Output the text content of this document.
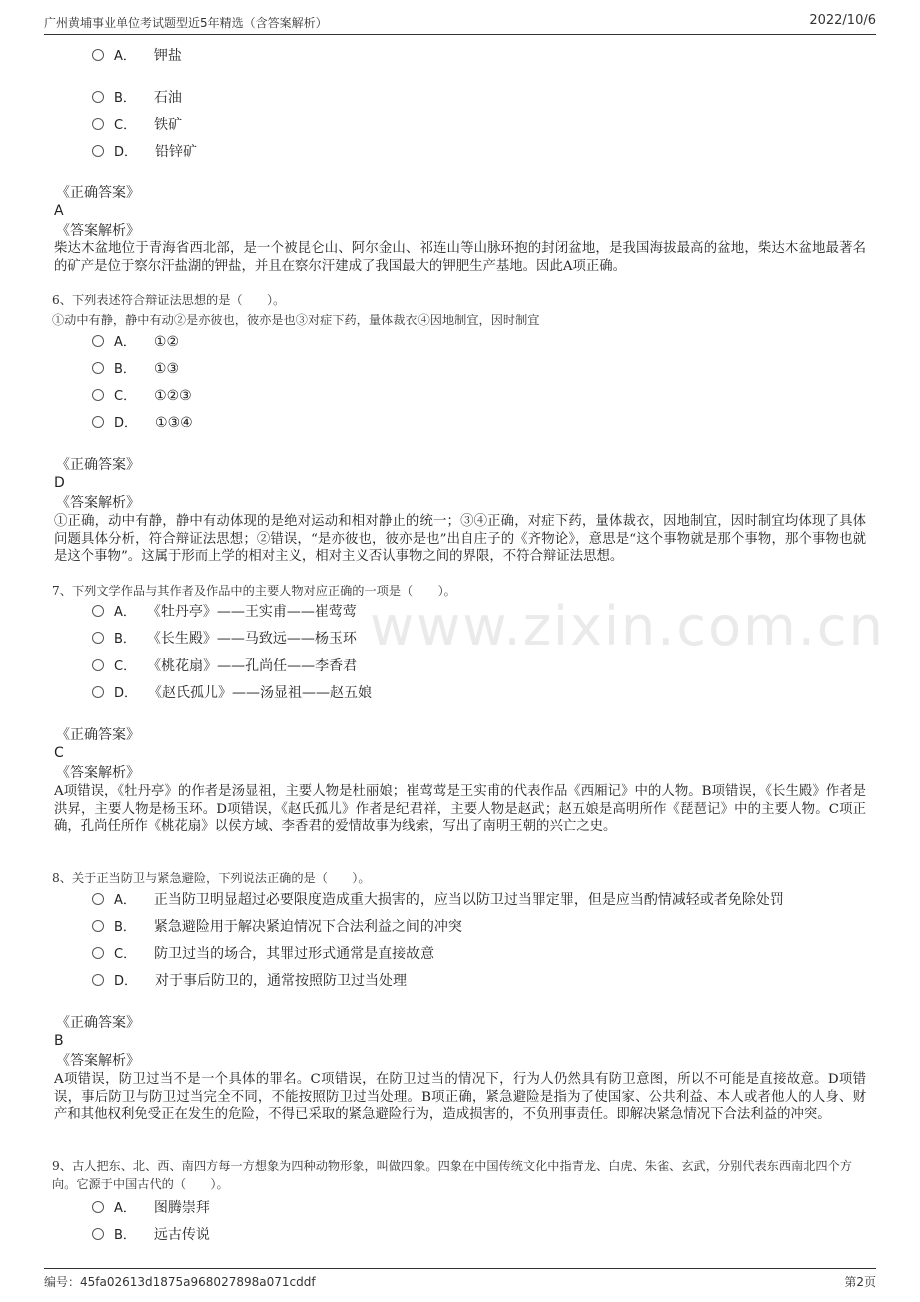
广州黄埔事业单位考试题型近5年精选（含答案解析）	2022/10/6
www.zixin.com.cn
A． 钾盐
B． 石油
C． 铁矿
D． 铅锌矿
《正确答案》
A
《答案解析》
柴达木盆地位于青海省西北部，是一个被昆仑山、阿尔金山、祁连山等山脉环抱的封闭盆地，是我国海拔最高的盆地，柴达木盆地最著名的矿产是位于察尔汗盐湖的钾盐，并且在察尔汗建成了我国最大的钾肥生产基地。因此A项正确。
6、下列表述符合辩证法思想的是（　　）。
①动中有静，静中有动②是亦彼也，彼亦是也③对症下药，量体裁衣④因地制宜，因时制宜
A． ①②
B． ①③
C． ①②③
D． ①③④
《正确答案》
D
《答案解析》
①正确，动中有静，静中有动体现的是绝对运动和相对静止的统一；③④正确，对症下药，量体裁衣，因地制宜，因时制宜均体现了具体问题具体分析，符合辩证法思想；②错误，“是亦彼也，彼亦是也”出自庄子的《齐物论》，意思是“这个事物就是那个事物，那个事物也就是这个事物”。这属于形而上学的相对主义，相对主义否认事物之间的界限，不符合辩证法思想。
7、下列文学作品与其作者及作品中的主要人物对应正确的一项是（　　）。
A． 《牡丹亭》——王实甫——崔莺莺
B． 《长生殿》——马致远——杨玉环
C． 《桃花扇》——孔尚任——李香君
D． 《赵氏孤儿》——汤显祖——赵五娘
《正确答案》
C
《答案解析》
A项错误，《牡丹亭》的作者是汤显祖，主要人物是杜丽娘；崔莺莺是王实甫的代表作品《西厢记》中的人物。B项错误，《长生殿》作者是洪昇，主要人物是杨玉环。D项错误，《赵氏孤儿》作者是纪君祥，主要人物是赵武；赵五娘是高明所作《琵琶记》中的主要人物。C项正确，孔尚任所作《桃花扇》以侯方域、李香君的爱情故事为线索，写出了南明王朝的兴亡之史。
8、关于正当防卫与紧急避险，下列说法正确的是（　　）。
A． 正当防卫明显超过必要限度造成重大损害的，应当以防卫过当罪定罪，但是应当酌情减轻或者免除处罚
B． 紧急避险用于解决紧迫情况下合法利益之间的冲突
C． 防卫过当的场合，其罪过形式通常是直接故意
D． 对于事后防卫的，通常按照防卫过当处理
《正确答案》
B
《答案解析》
A项错误，防卫过当不是一个具体的罪名。C项错误，在防卫过当的情况下，行为人仍然具有防卫意图，所以不可能是直接故意。D项错误，事后防卫与防卫过当完全不同，不能按照防卫过当处理。B项正确，紧急避险是指为了使国家、公共利益、本人或者他人的人身、财产和其他权利免受正在发生的危险，不得已采取的紧急避险行为，造成损害的，不负刑事责任。即解决紧急情况下合法利益的冲突。
9、古人把东、北、西、南四方每一方想象为四种动物形象，叫做四象。四象在中国传统文化中指青龙、白虎、朱雀、玄武，分别代表东西南北四个方向。它源于中国古代的（　　）。
A． 图腾崇拜
B． 远古传说
编号：45fa02613d1875a968027898a071cddf	第2页
